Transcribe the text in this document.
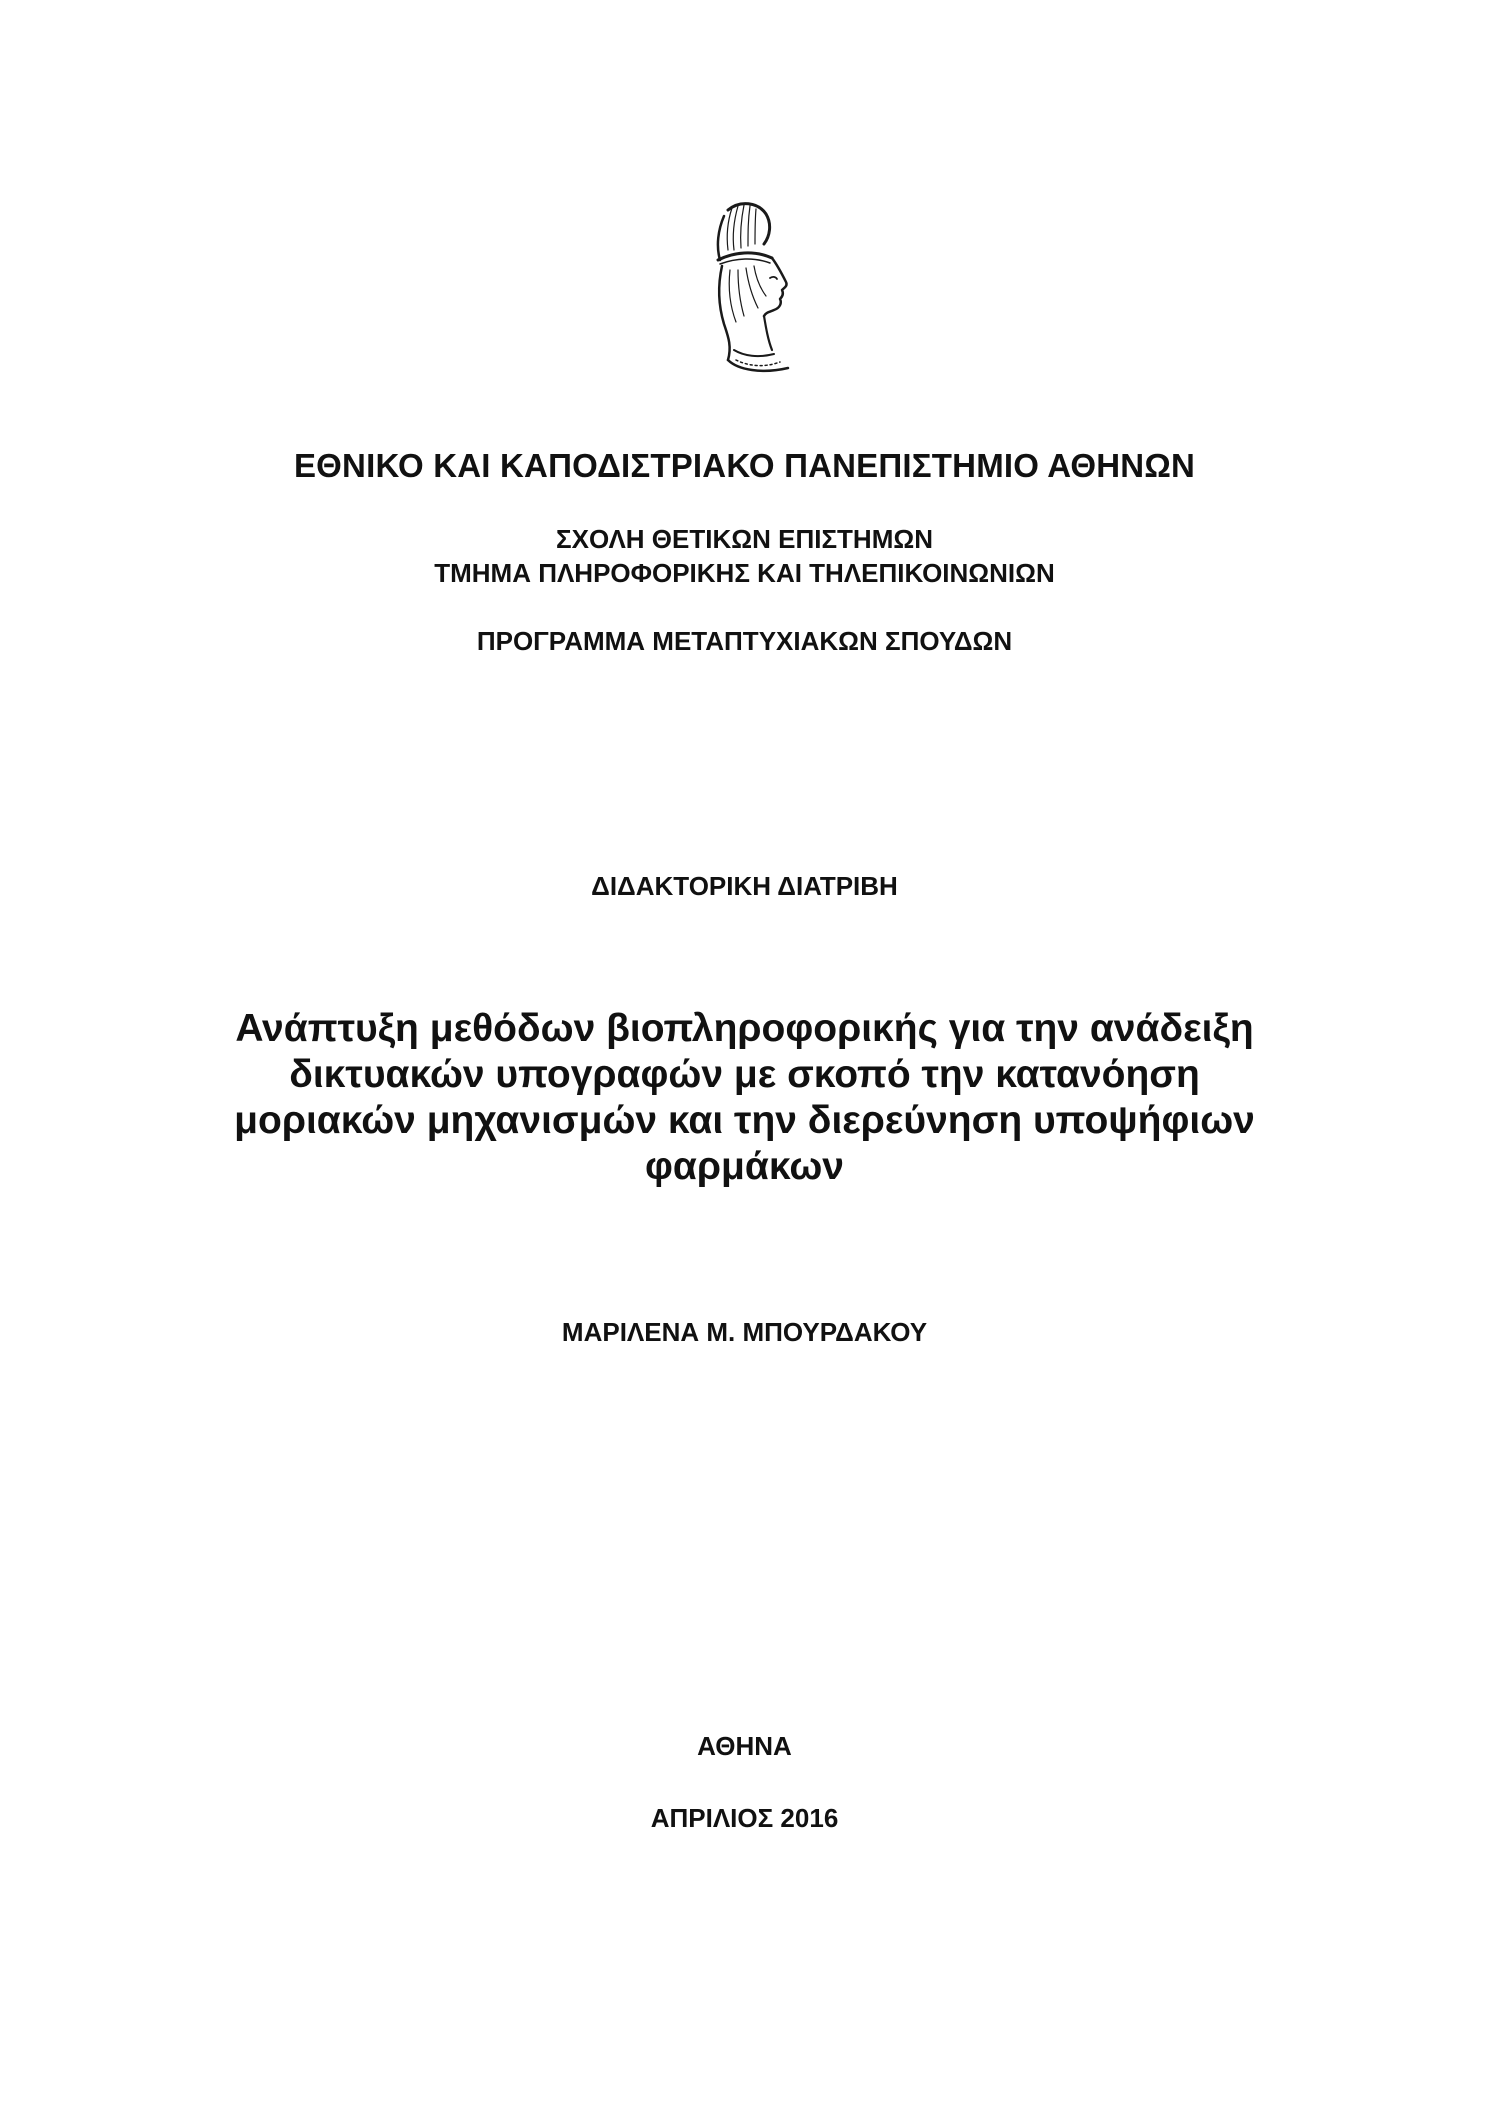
ΕΘΝΙΚΟ ΚΑΙ ΚΑΠΟΔΙΣΤΡΙΑΚΟ ΠΑΝΕΠΙΣΤΗΜΙΟ ΑΘΗΝΩΝ
ΣΧΟΛΗ ΘΕΤΙΚΩΝ ΕΠΙΣΤΗΜΩΝ
ΤΜΗΜΑ ΠΛΗΡΟΦΟΡΙΚΗΣ ΚΑΙ ΤΗΛΕΠΙΚΟΙΝΩΝΙΩΝ
ΠΡΟΓΡΑΜΜΑ ΜΕΤΑΠΤΥΧΙΑΚΩΝ ΣΠΟΥΔΩΝ
ΔΙΔΑΚΤΟΡΙΚΗ ΔΙΑΤΡΙΒΗ
Ανάπτυξη μεθόδων βιοπληροφορικής για την ανάδειξη
δικτυακών υπογραφών με σκοπό την κατανόηση
μοριακών μηχανισμών και την διερεύνηση υποψήφιων
φαρμάκων
ΜΑΡΙΛΕΝΑ Μ. ΜΠΟΥΡΔΑΚΟΥ
ΑΘΗΝΑ
ΑΠΡΙΛΙΟΣ 2016
